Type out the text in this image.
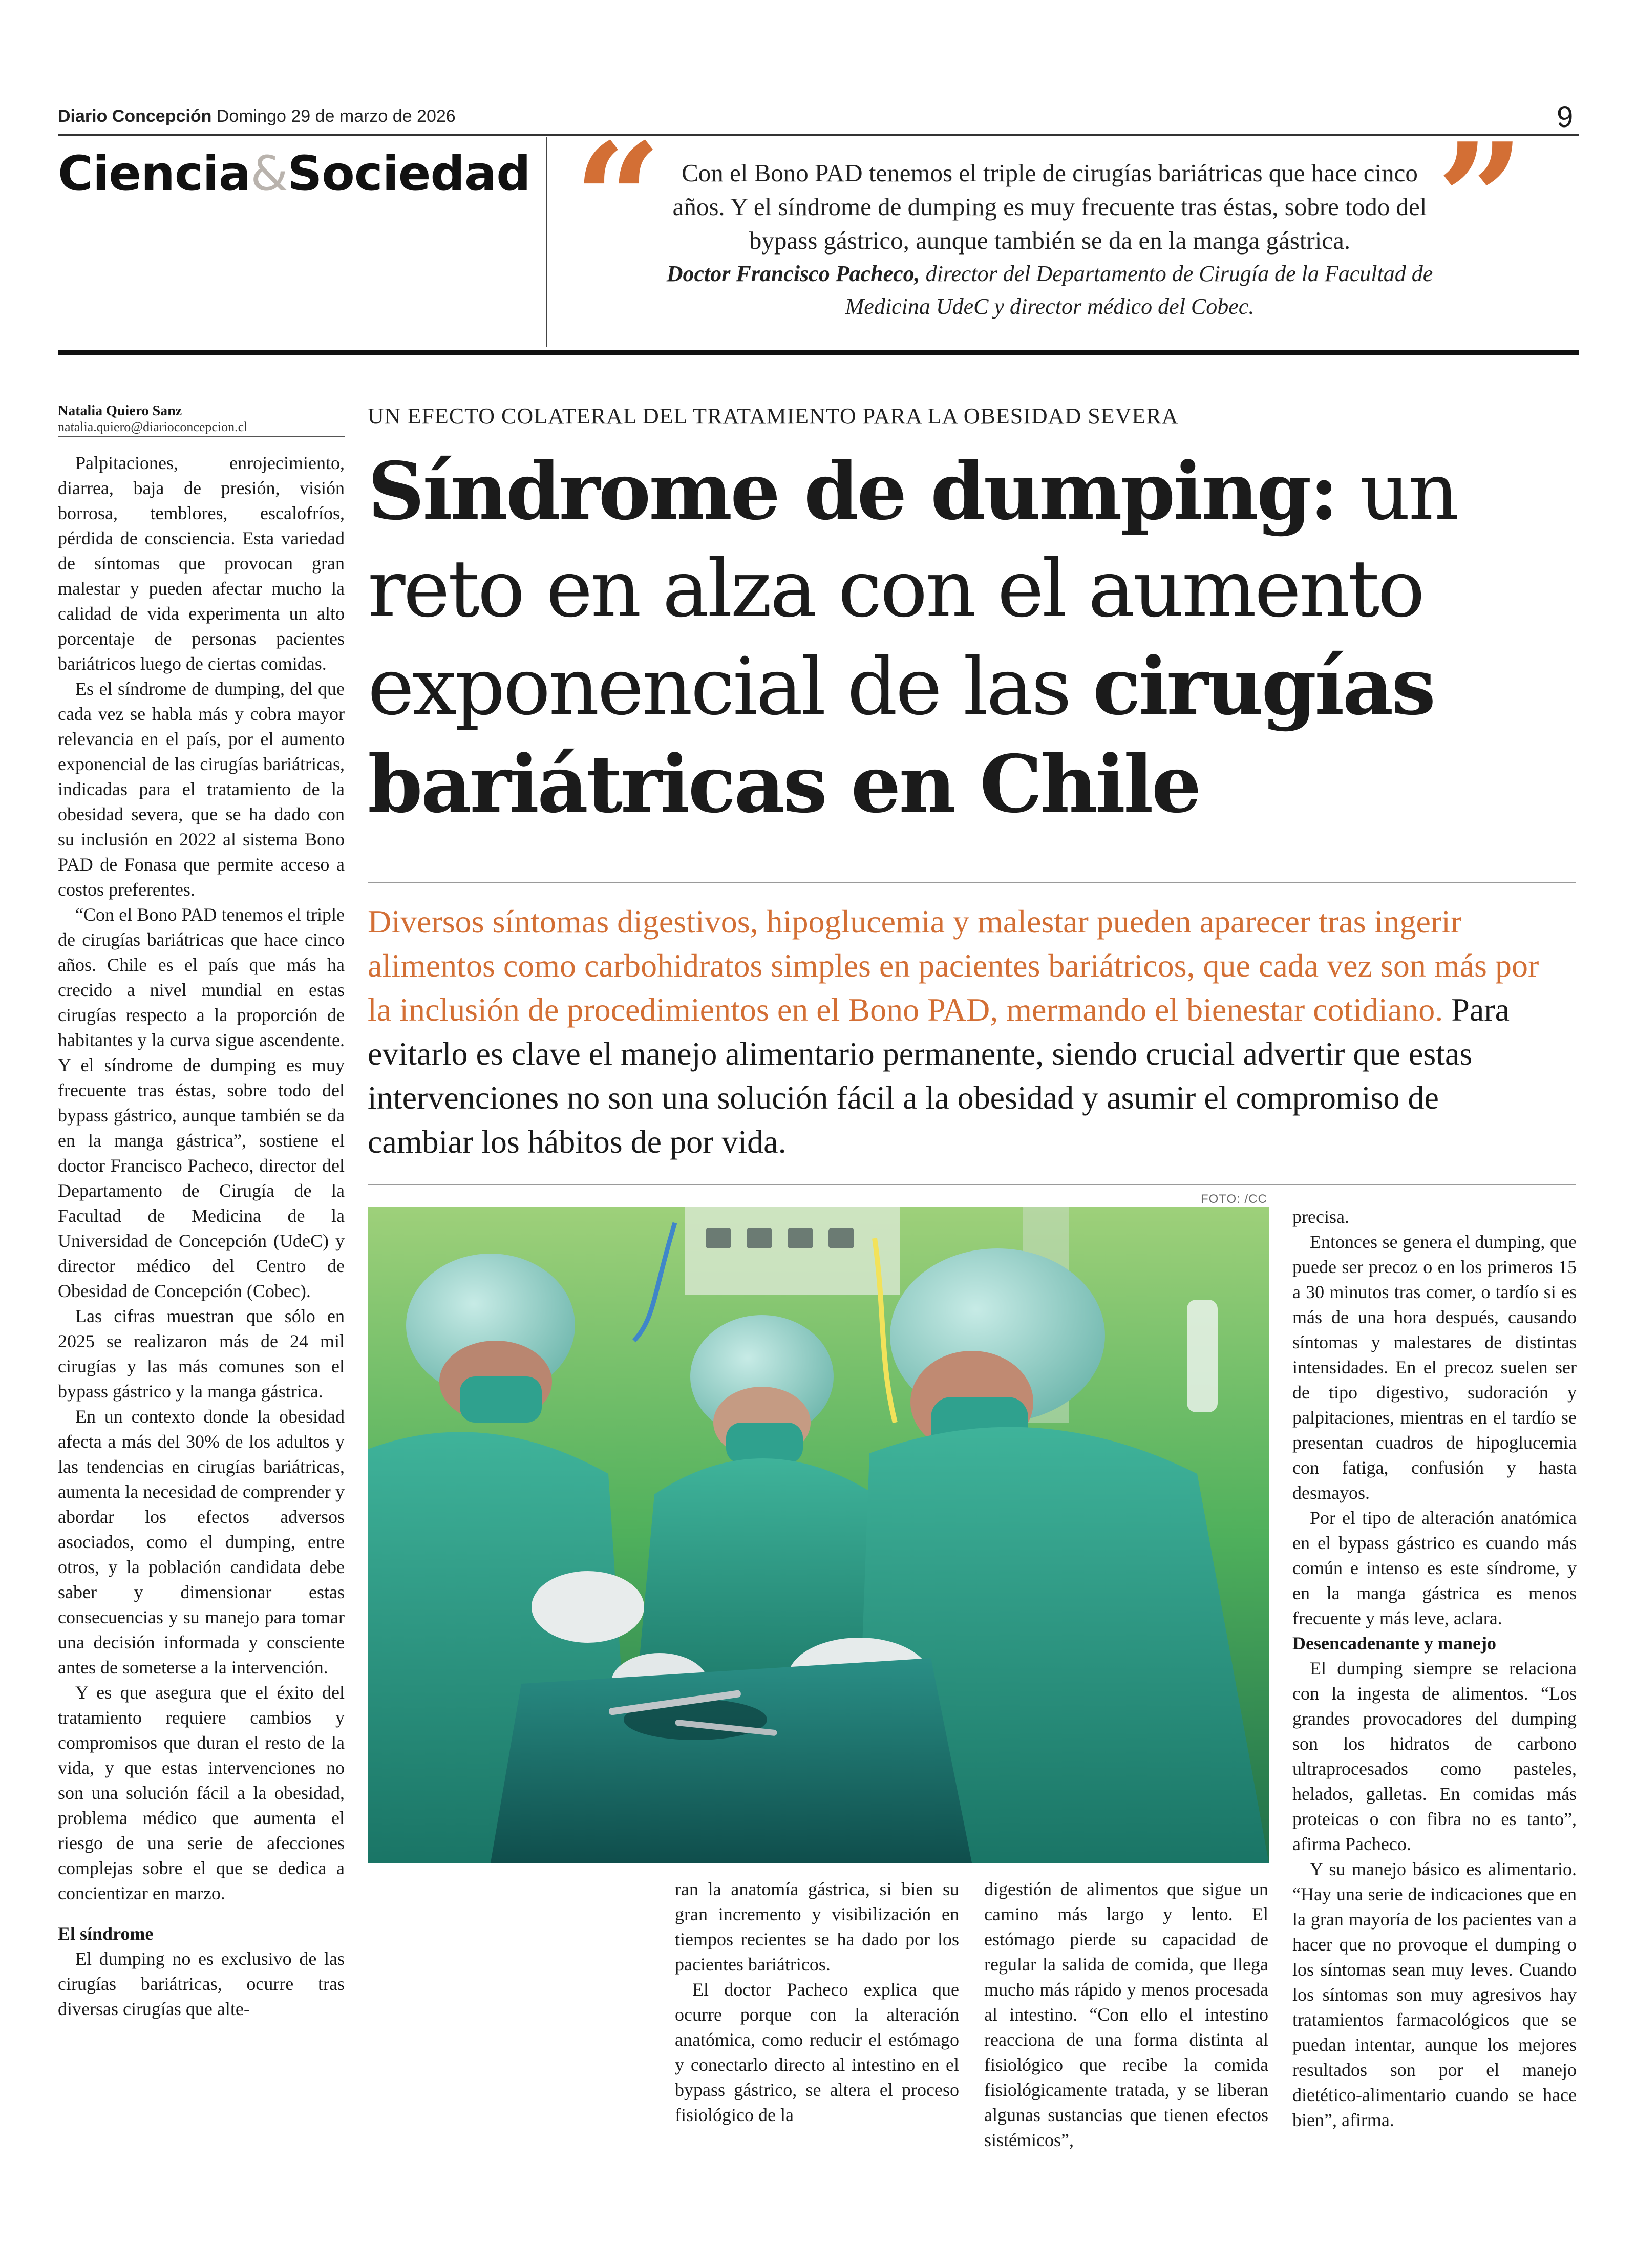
Diario Concepción Domingo 29 de marzo de 2026	9
Ciencia&Sociedad “	”
Con el Bono PAD tenemos el triple de cirugías bariátricas que hace cinco años. Y el síndrome de dumping es muy frecuente tras éstas, sobre todo del bypass gástrico, aunque también se da en la manga gástrica.
Doctor Francisco Pacheco, director del Departamento de Cirugía de la Facultad de Medicina UdeC y director médico del Cobec.
Natalia Quiero Sanz
natalia.quiero@diarioconcepcion.cl	UN EFECTO COLATERAL DEL TRATAMIENTO PARA LA OBESIDAD SEVERA
Síndrome de dumping: un reto en alza con el aumento exponencial de las cirugías bariátricas en Chile
Diversos síntomas digestivos, hipoglucemia y malestar pueden aparecer tras ingerir alimentos como carbohidratos simples en pacientes bariátricos, que cada vez son más por la inclusión de procedimientos en el Bono PAD, mermando el bienestar cotidiano. Para evitarlo es clave el manejo alimentario permanente, siendo crucial advertir que estas intervenciones no son una solución fácil a la obesidad y asumir el compromiso de cambiar los hábitos de por vida.
FOTO: /CC

Palpitaciones, enrojecimiento, diarrea, baja de presión, visión borrosa, temblores, escalofríos, pérdida de consciencia. Esta variedad de síntomas que provocan gran malestar y pueden afectar mucho la calidad de vida experimenta un alto porcentaje de personas pacientes bariátricos luego de ciertas comidas.

Es el síndrome de dumping, del que cada vez se habla más y cobra mayor relevancia en el país, por el aumento exponencial de las cirugías bariátricas, indicadas para el tratamiento de la obesidad severa, que se ha dado con su inclusión en 2022 al sistema Bono PAD de Fonasa que permite acceso a costos preferentes.

“Con el Bono PAD tenemos el triple de cirugías bariátricas que hace cinco años. Chile es el país que más ha crecido a nivel mundial en estas cirugías respecto a la proporción de habitantes y la curva sigue ascendente. Y el síndrome de dumping es muy frecuente tras éstas, sobre todo del bypass gástrico, aunque también se da en la manga gástrica”, sostiene el doctor Francisco Pacheco, director del Departamento de Cirugía de la Facultad de Medicina de la Universidad de Concepción (UdeC) y director médico del Centro de Obesidad de Concepción (Cobec).

Las cifras muestran que sólo en 2025 se realizaron más de 24 mil cirugías y las más comunes son el bypass gástrico y la manga gástrica.

En un contexto donde la obesidad afecta a más del 30% de los adultos y las tendencias en cirugías bariátricas, aumenta la necesidad de comprender y abordar los efectos adversos asociados, como el dumping, entre otros, y la población candidata debe saber y dimensionar estas consecuencias y su manejo para tomar una decisión informada y consciente antes de someterse a la intervención.

Y es que asegura que el éxito del tratamiento requiere cambios y compromisos que duran el resto de la vida, y que estas intervenciones no son una solución fácil a la obesidad, problema médico que aumenta el riesgo de una serie de afecciones complejas sobre el que se dedica a concientizar en marzo.

El síndrome

El dumping no es exclusivo de las cirugías bariátricas, ocurre tras diversas cirugías que alte-

ran la anatomía gástrica, si bien su gran incremento y visibilización en tiempos recientes se ha dado por los pacientes bariátricos.

El doctor Pacheco explica que ocurre porque con la alteración anatómica, como reducir el estómago y conectarlo directo al intestino en el bypass gástrico, se altera el proceso fisiológico de la

digestión de alimentos que sigue un camino más largo y lento. El estómago pierde su capacidad de regular la salida de comida, que llega mucho más rápido y menos procesada al intestino. “Con ello el intestino reacciona de una forma distinta al fisiológico que recibe la comida fisiológicamente tratada, y se liberan algunas sustancias que tienen efectos sistémicos”,

precisa.

Entonces se genera el dumping, que puede ser precoz o en los primeros 15 a 30 minutos tras comer, o tardío si es más de una hora después, causando síntomas y malestares de distintas intensidades. En el precoz suelen ser de tipo digestivo, sudoración y palpitaciones, mientras en el tardío se presentan cuadros de hipoglucemia con fatiga, confusión y hasta desmayos.

Por el tipo de alteración anatómica en el bypass gástrico es cuando más común e intenso es este síndrome, y en la manga gástrica es menos frecuente y más leve, aclara.

Desencadenante y manejo

El dumping siempre se relaciona con la ingesta de alimentos. “Los grandes provocadores del dumping son los hidratos de carbono ultraprocesados como pasteles, helados, galletas. En comidas más proteicas o con fibra no es tanto”, afirma Pacheco.

Y su manejo básico es alimentario. “Hay una serie de indicaciones que en la gran mayoría de los pacientes van a hacer que no provoque el dumping o los síntomas sean muy leves. Cuando los síntomas son muy agresivos hay tratamientos farmacológicos que se puedan intentar, aunque los mejores resultados son por el manejo dietético-alimentario cuando se hace bien”, afirma.
